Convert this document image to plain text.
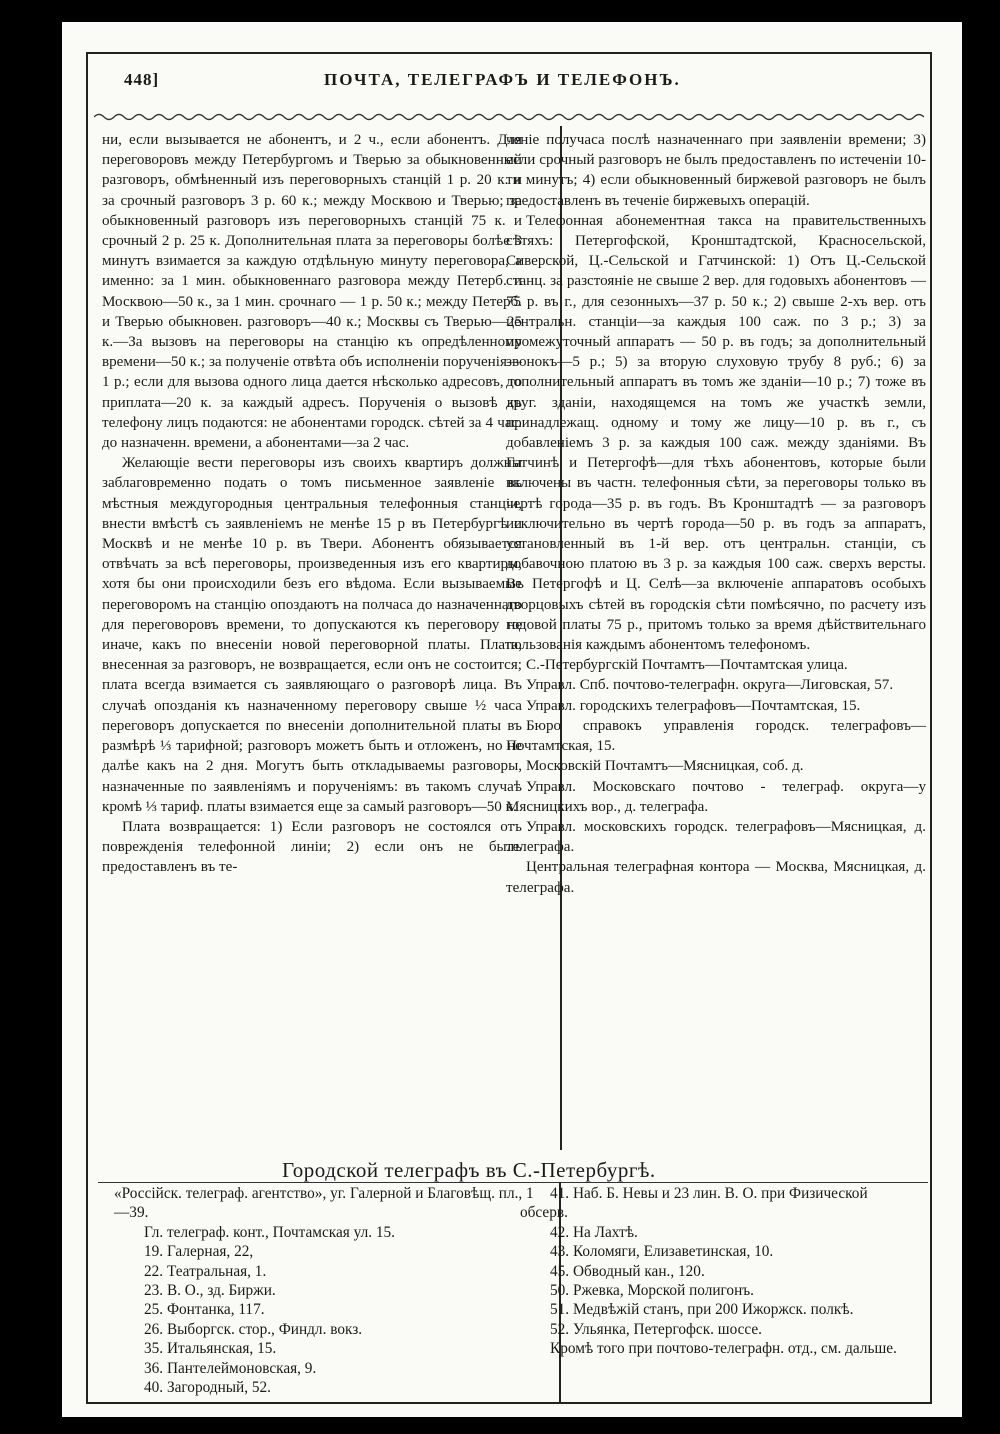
448]	ПОЧТА, ТЕЛЕГРАФЪ И ТЕЛЕФОНЪ.

ни, если вызывается не абонентъ, и 2 ч., если абонентъ. Для переговоровъ между Петербургомъ и Тверью за обыкновенный разговоръ, обмѣненный изъ переговорныхъ станцій 1 р. 20 к. и за срочный разговоръ 3 р. 60 к.; между Москвою и Тверью; за обыкновенный разговоръ изъ переговорныхъ станцій 75 к. и срочный 2 р. 25 к. Дополнительная плата за переговоры болѣе 3 минутъ взимается за каждую отдѣльную минуту переговора, а именно: за 1 мин. обыкновеннаго разговора между Петерб. и Москвою—50 к., за 1 мин. срочнаго — 1 р. 50 к.; между Петерб. и Тверью обыкновен. разговоръ—40 к.; Москвы съ Тверью—25 к.—За вызовъ на переговоры на станцію къ опредѣленному времени—50 к.; за полученіе отвѣта объ исполненіи порученія—1 р.; если для вызова одного лица дается нѣсколько адресовъ, то приплата—20 к. за каждый адресъ. Порученія о вызовѣ къ телефону лицъ подаются: не абонентами городск. сѣтей за 4 час. до назначенн. времени, а абонентами—за 2 час.

Желающіе вести переговоры изъ своихъ квартиръ должны заблаговременно подать о томъ письменное заявленіе въ мѣстныя междугородныя центральныя телефонныя станціи, внести вмѣстѣ съ заявленіемъ не менѣе 15 р въ Петербургѣ и Москвѣ и не менѣе 10 р. въ Твери. Абонентъ обязывается отвѣчать за всѣ переговоры, произведенныя изъ его квартиры, хотя бы они происходили безъ его вѣдома. Если вызываемые переговоромъ на станцію опоздаютъ на полчаса до назначеннаго для переговоровъ времени, то допускаются къ переговору не иначе, какъ по внесеніи новой переговорной платы. Плата, внесенная за разговоръ, не возвращается, если онъ не состоится; плата всегда взимается съ заявляющаго о разговорѣ лица. Въ случаѣ опозданія къ назначенному переговору свыше ½ часа переговоръ допускается по внесеніи дополнительной платы въ размѣрѣ ⅓ тарифной; разговоръ можетъ быть и отложенъ, но не далѣе какъ на 2 дня. Могутъ быть откладываемы разговоры, назначенные по заявленіямъ и порученіямъ: въ такомъ случаѣ кромѣ ⅓ тариф. платы взимается еще за самый разговоръ—50 к.

Плата возвращается: 1) Если разговоръ не состоялся отъ поврежденія телефонной линіи; 2) если онъ не былъ предоставленъ въ те-

ченіе получаса послѣ назначеннаго при заявленіи времени; 3) если срочный разговоръ не былъ предоставленъ по истеченіи 10-ти минутъ; 4) если обыкновенный биржевой разговоръ не былъ предоставленъ въ теченіе биржевыхъ операцій.

Телефонная абонементная такса на правительственныхъ сѣтяхъ: Петергофской, Кронштадтской, Красносельской, Сиверской, Ц.-Сельской и Гатчинской: 1) Отъ Ц.-Сельской станц. за разстояніе не свыше 2 вер. для годовыхъ абонентовъ — 75 р. въ г., для сезонныхъ—37 р. 50 к.; 2) свыше 2-хъ вер. отъ центральн. станціи—за каждыя 100 саж. по 3 р.; 3) за промежуточный аппаратъ — 50 р. въ годъ; за дополнительный звонокъ—5 р.; 5) за вторую слуховую трубу 8 руб.; 6) за дополнительный аппаратъ въ томъ же зданіи—10 р.; 7) тоже въ друг. зданіи, находящемся на томъ же участкѣ земли, принадлежащ. одному и тому же лицу—10 р. въ г., съ добавленіемъ 3 р. за каждыя 100 саж. между зданіями. Въ Гатчинѣ и Петергофѣ—для тѣхъ абонентовъ, которые были включены въ частн. телефонныя сѣти, за переговоры только въ чертѣ города—35 р. въ годъ. Въ Кронштадтѣ — за разговоръ исключительно въ чертѣ города—50 р. въ годъ за аппаратъ, установленный въ 1-й вер. отъ центральн. станціи, съ добавочною платою въ 3 р. за каждыя 100 саж. сверхъ версты. Въ Петергофѣ и Ц. Селѣ—за включеніе аппаратовъ особыхъ дворцовыхъ сѣтей въ городскія сѣти помѣсячно, по расчету изъ годовой платы 75 р., притомъ только за время дѣйствительнаго пользованія каждымъ абонентомъ телефономъ.

С.-Петербургскій Почтамтъ—Почтамтская улица.

Управл. Спб. почтово-телеграфн. округа—Лиговская, 57.

Управл. городскихъ телеграфовъ—Почтамтская, 15.

Бюро справокъ управленія городск. телеграфовъ—Почтамтская, 15.

Московскій Почтамтъ—Мясницкая, соб. д.

Управл. Московскаго почтово - телеграф. округа—у Мясницкихъ вор., д. телеграфа.

Управл. московскихъ городск. телеграфовъ—Мясницкая, д. телеграфа.

Центральная телеграфная контора — Москва, Мясницкая, д. телеграфа.

Городской телеграфъ въ С.-Петербургѣ.
«Россійск. телеграф. агентство», уг. Галерной и Благовѣщ. пл., 1—39.
Гл. телеграф. конт., Почтамская ул. 15.
19. Галерная, 22,
22. Театральная, 1.
23. В. О., зд. Биржи.
25. Фонтанка, 117.
26. Выборгск. стор., Финдл. вокз.
35. Итальянская, 15.
36. Пантелеймоновская, 9.
40. Загородный, 52.
41. Наб. Б. Невы и 23 лин. В. О. при Физической обсерв.
42. На Лахтѣ.
43. Коломяги, Елизаветинская, 10.
45. Обводный кан., 120.
50. Ржевка, Морской полигонъ.
51. Медвѣжій станъ, при 200 Ижоржск. полкѣ.
52. Ульянка, Петергофск. шоссе.
Кромѣ того при почтово-телеграфн. отд., см. дальше.
